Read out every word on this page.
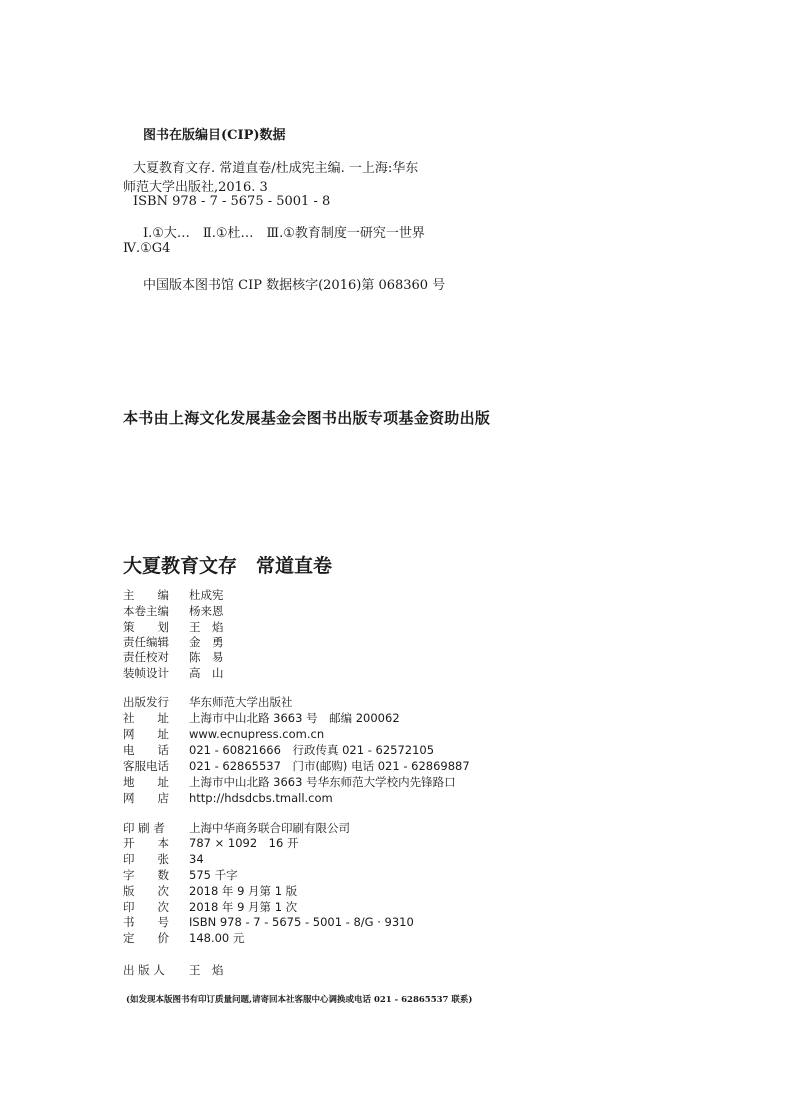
图书在版编目(CIP)数据
大夏教育文存. 常道直卷/杜成宪主编. 一上海:华东
师范大学出版社,2016. 3
ISBN 978 - 7 - 5675 - 5001 - 8
Ⅰ.①大…　Ⅱ.①杜…　Ⅲ.①教育制度一研究一世界
Ⅳ.①G4
中国版本图书馆 CIP 数据核字(2016)第 068360 号
本书由上海文化发展基金会图书出版专项基金资助出版
大夏教育文存　常道直卷
主　　编	杜成宪
本卷主编	杨来恩
策　　划	王　焰
责任编辑	金　勇
责任校对	陈　易
装帧设计	高　山
出版发行	华东师范大学出版社
社　　址	上海市中山北路 3663 号　邮编 200062
网　　址	www.ecnupress.com.cn
电　　话	021 - 60821666　行政传真 021 - 62572105
客服电话	021 - 62865537　门市(邮购) 电话 021 - 62869887
地　　址	上海市中山北路 3663 号华东师范大学校内先锋路口
网　　店	http://hdsdcbs.tmall.com
印 刷 者	上海中华商务联合印刷有限公司
开　　本	787 × 1092　16 开
印　　张	34
字　　数	575 千字
版　　次	2018 年 9 月第 1 版
印　　次	2018 年 9 月第 1 次
书　　号	ISBN 978 - 7 - 5675 - 5001 - 8/G · 9310
定　　价	148.00 元
出 版 人	王　焰
(如发现本版图书有印订质量问题,请寄回本社客服中心调换或电话 021 - 62865537 联系)
